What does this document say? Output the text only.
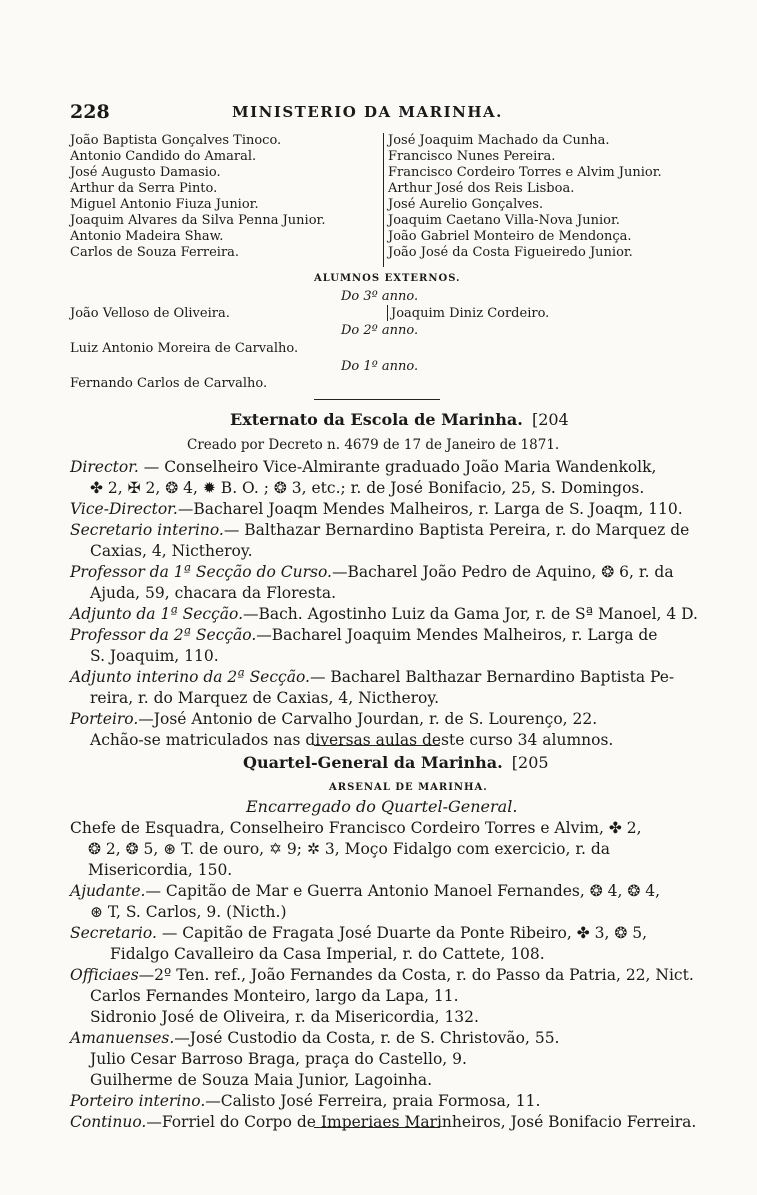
228	MINISTERIO DA MARINHA.
João Baptista Gonçalves Tinoco.
Antonio Candido do Amaral.
José Augusto Damasio.
Arthur da Serra Pinto.
Miguel Antonio Fiuza Junior.
Joaquim Alvares da Silva Penna Junior.
Antonio Madeira Shaw.
Carlos de Souza Ferreira.
José Joaquim Machado da Cunha.
Francisco Nunes Pereira.
Francisco Cordeiro Torres e Alvim Junior.
Arthur José dos Reis Lisboa.
José Aurelio Gonçalves.
Joaquim Caetano Villa-Nova Junior.
João Gabriel Monteiro de Mendonça.
João José da Costa Figueiredo Junior.
ALUMNOS EXTERNOS.
Do 3º anno.
João Velloso de Oliveira.	Joaquim Diniz Cordeiro.
Do 2º anno.
Luiz Antonio Moreira de Carvalho.
Do 1º anno.
Fernando Carlos de Carvalho.
Externato da Escola de Marinha. [204
Creado por Decreto n. 4679 de 17 de Janeiro de 1871.
Director. — Conselheiro Vice-Almirante graduado João Maria Wandenkolk,
✤ 2, ✠ 2, ❂ 4, ✹ B. O. ; ❂ 3, etc.; r. de José Bonifacio, 25, S. Domingos.
Vice-Director.—Bacharel Joaqm Mendes Malheiros, r. Larga de S. Joaqm, 110.
Secretario interino.— Balthazar Bernardino Baptista Pereira, r. do Marquez de
Caxias, 4, Nictheroy.
Professor da 1ª Secção do Curso.—Bacharel João Pedro de Aquino, ❂ 6, r. da
Ajuda, 59, chacara da Floresta.
Adjunto da 1ª Secção.—Bach. Agostinho Luiz da Gama Jor, r. de Sª Manoel, 4 D.
Professor da 2ª Secção.—Bacharel Joaquim Mendes Malheiros, r. Larga de
S. Joaquim, 110.
Adjunto interino da 2ª Secção.— Bacharel Balthazar Bernardino Baptista Pe-
reira, r. do Marquez de Caxias, 4, Nictheroy.
Porteiro.—José Antonio de Carvalho Jourdan, r. de S. Lourenço, 22.
Achão-se matriculados nas diversas aulas deste curso 34 alumnos.
Quartel-General da Marinha. [205
ARSENAL DE MARINHA.
Encarregado do Quartel-General.
Chefe de Esquadra, Conselheiro Francisco Cordeiro Torres e Alvim, ✤ 2,
❂ 2, ❂ 5, ⊛ T. de ouro, ✡ 9; ✲ 3, Moço Fidalgo com exercicio, r. da
Misericordia, 150.
Ajudante.— Capitão de Mar e Guerra Antonio Manoel Fernandes, ❂ 4, ❂ 4,
⊛ T, S. Carlos, 9. (Nicth.)
Secretario. — Capitão de Fragata José Duarte da Ponte Ribeiro, ✤ 3, ❂ 5,
Fidalgo Cavalleiro da Casa Imperial, r. do Cattete, 108.
Officiaes—2º Ten. ref., João Fernandes da Costa, r. do Passo da Patria, 22, Nict.
Carlos Fernandes Monteiro, largo da Lapa, 11.
Sidronio José de Oliveira, r. da Misericordia, 132.
Amanuenses.—José Custodio da Costa, r. de S. Christovão, 55.
Julio Cesar Barroso Braga, praça do Castello, 9.
Guilherme de Souza Maia Junior, Lagoinha.
Porteiro interino.—Calisto José Ferreira, praia Formosa, 11.
Continuo.—Forriel do Corpo de Imperiaes Marinheiros, José Bonifacio Ferreira.
